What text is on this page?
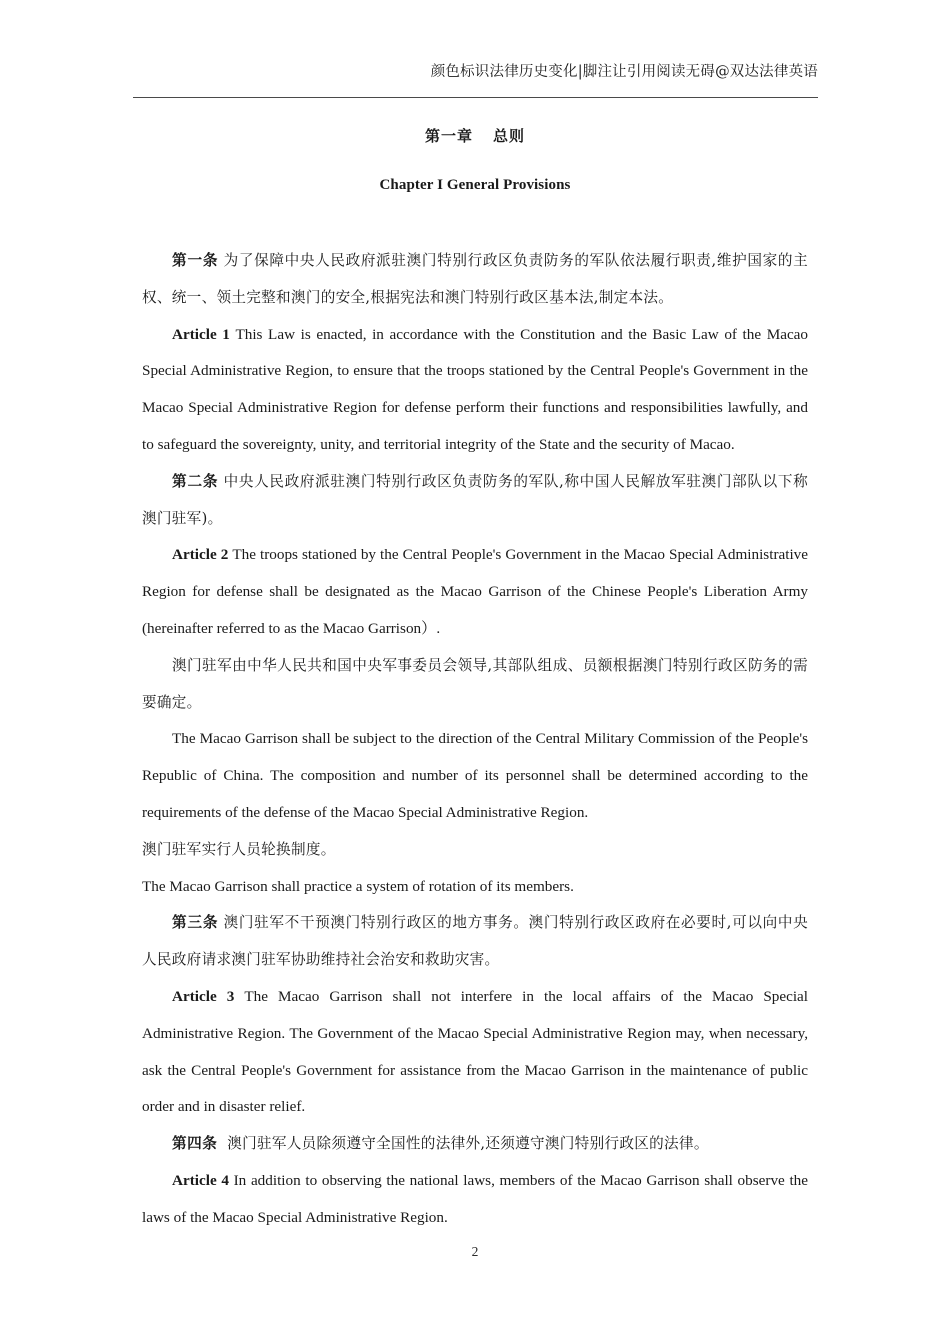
颜色标识法律历史变化|脚注让引用阅读无碍@双达法律英语
第一章 总则
Chapter I General Provisions

第一条 为了保障中央人民政府派驻澳门特别行政区负责防务的军队依法履行职责,维护国家的主权、统一、领土完整和澳门的安全,根据宪法和澳门特别行政区基本法,制定本法。

Article 1 This Law is enacted, in accordance with the Constitution and the Basic Law of the Macao Special Administrative Region, to ensure that the troops stationed by the Central People's Government in the Macao Special Administrative Region for defense perform their functions and responsibilities lawfully, and to safeguard the sovereignty, unity, and territorial integrity of the State and the security of Macao.

第二条 中央人民政府派驻澳门特别行政区负责防务的军队,称中国人民解放军驻澳门部队以下称澳门驻军)。

Article 2 The troops stationed by the Central People's Government in the Macao Special Administrative Region for defense shall be designated as the Macao Garrison of the Chinese People's Liberation Army (hereinafter referred to as the Macao Garrison）.

澳门驻军由中华人民共和国中央军事委员会领导,其部队组成、员额根据澳门特别行政区防务的需要确定。

The Macao Garrison shall be subject to the direction of the Central Military Commission of the People's Republic of China. The composition and number of its personnel shall be determined according to the requirements of the defense of the Macao Special Administrative Region.

澳门驻军实行人员轮换制度。

The Macao Garrison shall practice a system of rotation of its members.

第三条 澳门驻军不干预澳门特别行政区的地方事务。澳门特别行政区政府在必要时,可以向中央人民政府请求澳门驻军协助维持社会治安和救助灾害。

Article 3 The Macao Garrison shall not interfere in the local affairs of the Macao Special Administrative Region. The Government of the Macao Special Administrative Region may, when necessary, ask the Central People's Government for assistance from the Macao Garrison in the maintenance of public order and in disaster relief.

第四条 澳门驻军人员除须遵守全国性的法律外,还须遵守澳门特别行政区的法律。

Article 4 In addition to observing the national laws, members of the Macao Garrison shall observe the laws of the Macao Special Administrative Region.

2
